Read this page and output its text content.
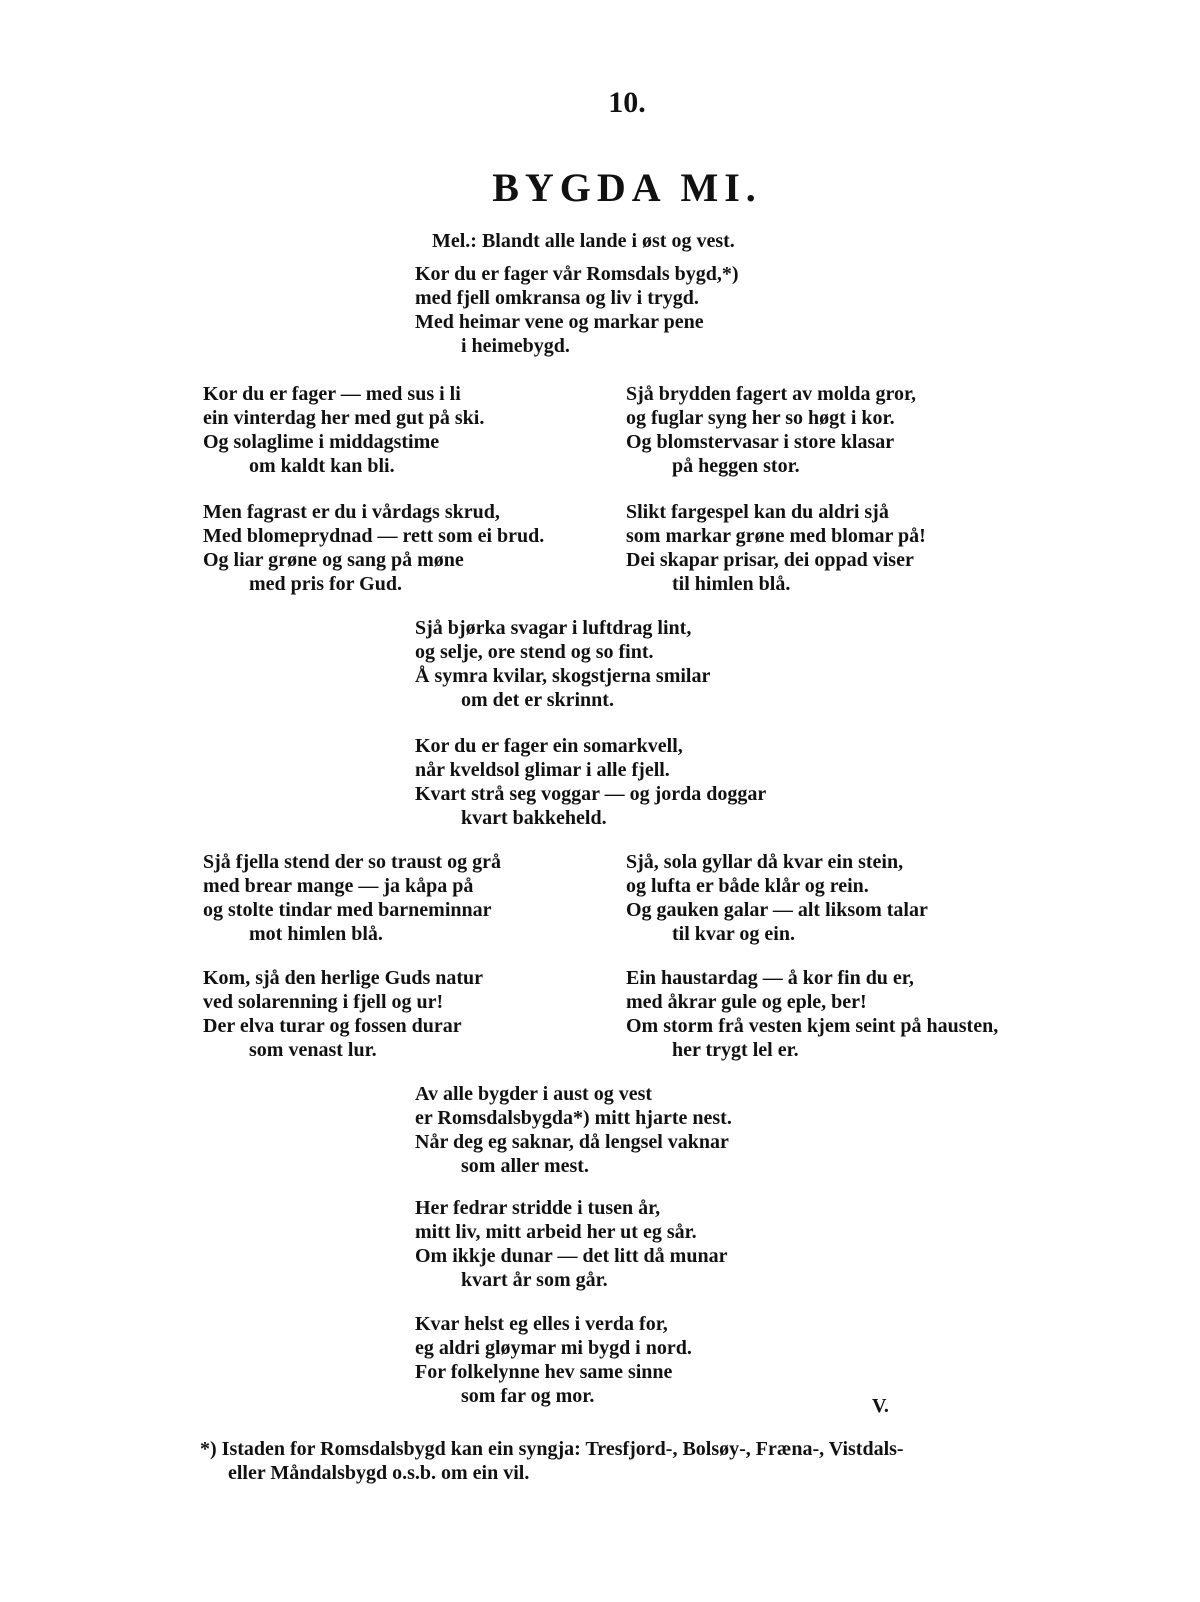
10.
BYGDA MI.
Mel.: Blandt alle lande i øst og vest.
Kor du er fager vår Romsdals bygd,*)
med fjell omkransa og liv i trygd.
Med heimar vene og markar pene
i heimebygd.
Kor du er fager — med sus i li
ein vinterdag her med gut på ski.
Og solaglime i middagstime
om kaldt kan bli.
Sjå brydden fagert av molda gror,
og fuglar syng her so høgt i kor.
Og blomstervasar i store klasar
på heggen stor.
Men fagrast er du i vårdags skrud,
Med blomeprydnad — rett som ei brud.
Og liar grøne og sang på møne
med pris for Gud.
Slikt fargespel kan du aldri sjå
som markar grøne med blomar på!
Dei skapar prisar, dei oppad viser
til himlen blå.
Sjå bjørka svagar i luftdrag lint,
og selje, ore stend og so fint.
Å symra kvilar, skogstjerna smilar
om det er skrinnt.
Kor du er fager ein somarkvell,
når kveldsol glimar i alle fjell.
Kvart strå seg voggar — og jorda doggar
kvart bakkeheld.
Sjå fjella stend der so traust og grå
med brear mange — ja kåpa på
og stolte tindar med barneminnar
mot himlen blå.
Sjå, sola gyllar då kvar ein stein,
og lufta er både klår og rein.
Og gauken galar — alt liksom talar
til kvar og ein.
Kom, sjå den herlige Guds natur
ved solarenning i fjell og ur!
Der elva turar og fossen durar
som venast lur.
Ein haustardag — å kor fin du er,
med åkrar gule og eple, ber!
Om storm frå vesten kjem seint på hausten,
her trygt lel er.
Av alle bygder i aust og vest
er Romsdalsbygda*) mitt hjarte nest.
Når deg eg saknar, då lengsel vaknar
som aller mest.
Her fedrar stridde i tusen år,
mitt liv, mitt arbeid her ut eg sår.
Om ikkje dunar — det litt då munar
kvart år som går.
Kvar helst eg elles i verda for,
eg aldri gløymar mi bygd i nord.
For folkelynne hev same sinne
som far og mor.	V.
*) Istaden for Romsdalsbygd kan ein syngja: Tresfjord-, Bolsøy-, Fræna-, Vistdals-
eller Måndalsbygd o.s.b. om ein vil.
